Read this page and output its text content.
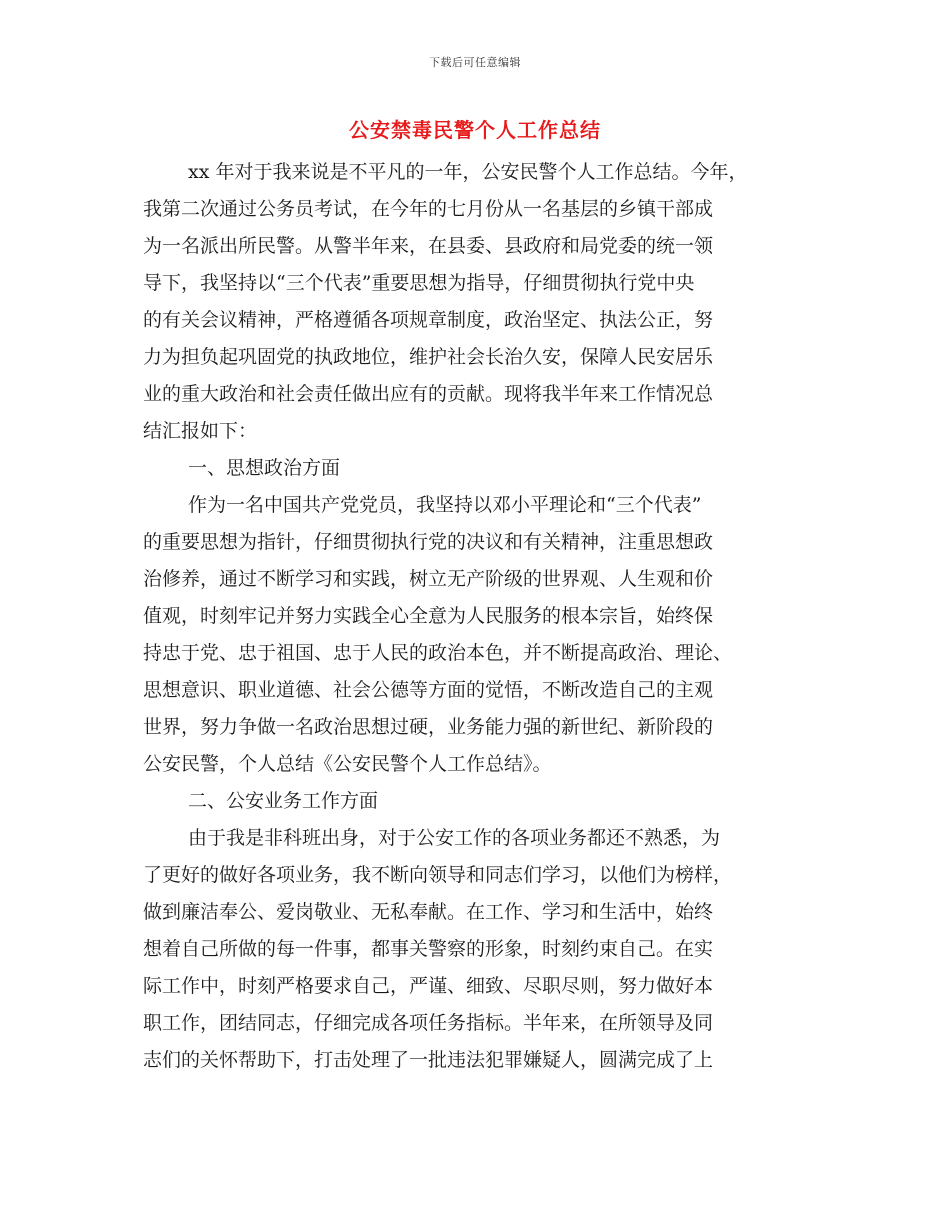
下载后可任意编辑
公安禁毒民警个人工作总结
xx 年对于我来说是不平凡的一年，公安民警个人工作总结。今年，
我第二次通过公务员考试，在今年的七月份从一名基层的乡镇干部成
为一名派出所民警。从警半年来，在县委、县政府和局党委的统一领
导下，我坚持以“三个代表”重要思想为指导，仔细贯彻执行党中央
的有关会议精神，严格遵循各项规章制度，政治坚定、执法公正，努
力为担负起巩固党的执政地位，维护社会长治久安，保障人民安居乐
业的重大政治和社会责任做出应有的贡献。现将我半年来工作情况总
结汇报如下：
一、思想政治方面
作为一名中国共产党党员，我坚持以邓小平理论和“三个代表”
的重要思想为指针，仔细贯彻执行党的决议和有关精神，注重思想政
治修养，通过不断学习和实践，树立无产阶级的世界观、人生观和价
值观，时刻牢记并努力实践全心全意为人民服务的根本宗旨，始终保
持忠于党、忠于祖国、忠于人民的政治本色，并不断提高政治、理论、
思想意识、职业道德、社会公德等方面的觉悟，不断改造自己的主观
世界，努力争做一名政治思想过硬，业务能力强的新世纪、新阶段的
公安民警，个人总结《公安民警个人工作总结》。
二、公安业务工作方面
由于我是非科班出身，对于公安工作的各项业务都还不熟悉，为
了更好的做好各项业务，我不断向领导和同志们学习，以他们为榜样，
做到廉洁奉公、爱岗敬业、无私奉献。在工作、学习和生活中，始终
想着自己所做的每一件事，都事关警察的形象，时刻约束自己。在实
际工作中，时刻严格要求自己，严谨、细致、尽职尽则，努力做好本
职工作，团结同志，仔细完成各项任务指标。半年来，在所领导及同
志们的关怀帮助下，打击处理了一批违法犯罪嫌疑人，圆满完成了上
